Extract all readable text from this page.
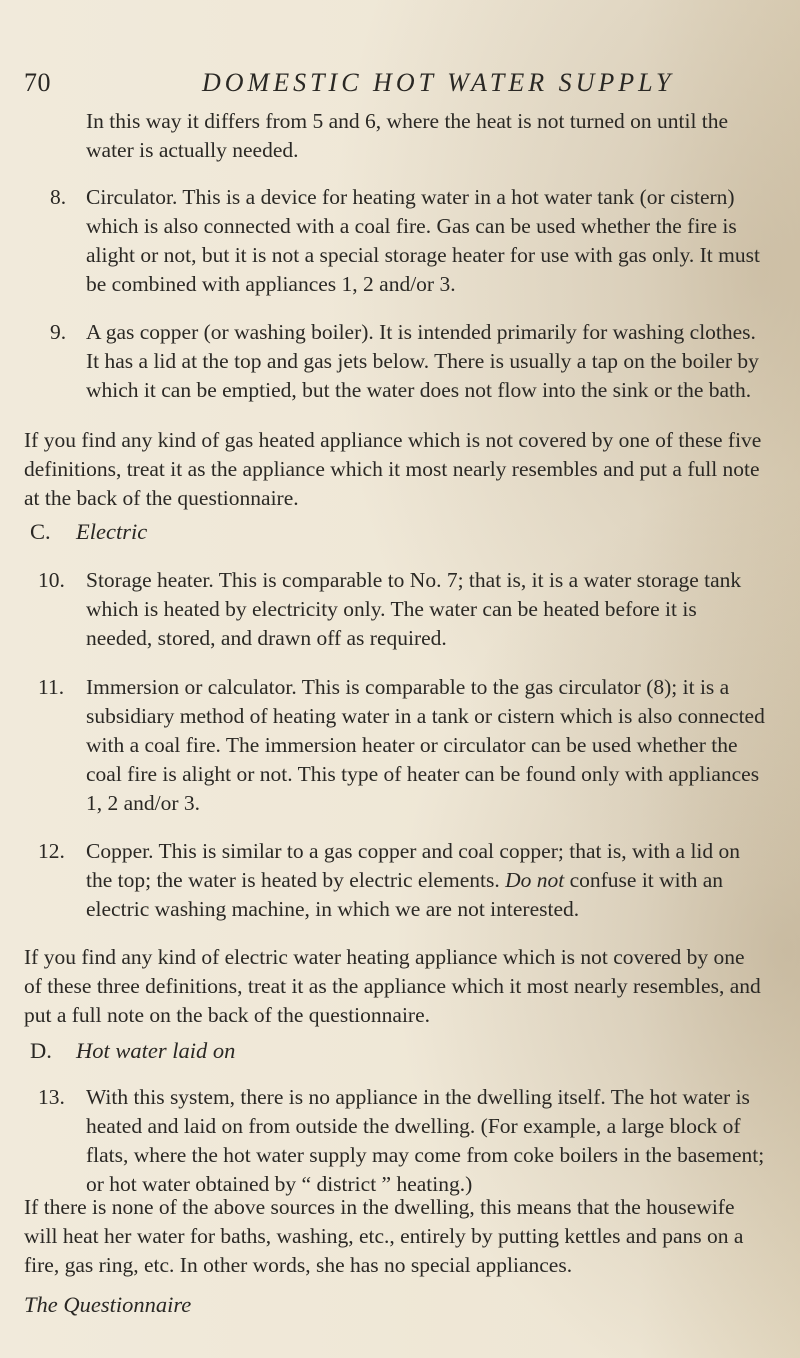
70	DOMESTIC HOT WATER SUPPLY

In this way it differs from 5 and 6, where the heat is not turned on until the water is actually needed.

8. Circulator. This is a device for heating water in a hot water tank (or cistern) which is also connected with a coal fire. Gas can be used whether the fire is alight or not, but it is not a special storage heater for use with gas only. It must be combined with appliances 1, 2 and/or 3.
9. A gas copper (or washing boiler). It is intended primarily for washing clothes. It has a lid at the top and gas jets below. There is usually a tap on the boiler by which it can be emptied, but the water does not flow into the sink or the bath.

If you find any kind of gas heated appliance which is not covered by one of these five definitions, treat it as the appliance which it most nearly resembles and put a full note at the back of the questionnaire.

C. Electric
10. Storage heater. This is comparable to No. 7; that is, it is a water storage tank which is heated by electricity only. The water can be heated before it is needed, stored, and drawn off as required.
11. Immersion or calculator. This is comparable to the gas circulator (8); it is a subsidiary method of heating water in a tank or cistern which is also connected with a coal fire. The immersion heater or circulator can be used whether the coal fire is alight or not. This type of heater can be found only with appliances 1, 2 and/or 3.
12. Copper. This is similar to a gas copper and coal copper; that is, with a lid on the top; the water is heated by electric elements. Do not confuse it with an electric washing machine, in which we are not interested.

If you find any kind of electric water heating appliance which is not covered by one of these three definitions, treat it as the appliance which it most nearly resembles, and put a full note on the back of the questionnaire.

D. Hot water laid on
13. With this system, there is no appliance in the dwelling itself. The hot water is heated and laid on from outside the dwelling. (For example, a large block of flats, where the hot water supply may come from coke boilers in the basement; or hot water obtained by “ district ” heating.)

If there is none of the above sources in the dwelling, this means that the housewife will heat her water for baths, washing, etc., entirely by putting kettles and pans on a fire, gas ring, etc. In other words, she has no special appliances.

The Questionnaire
